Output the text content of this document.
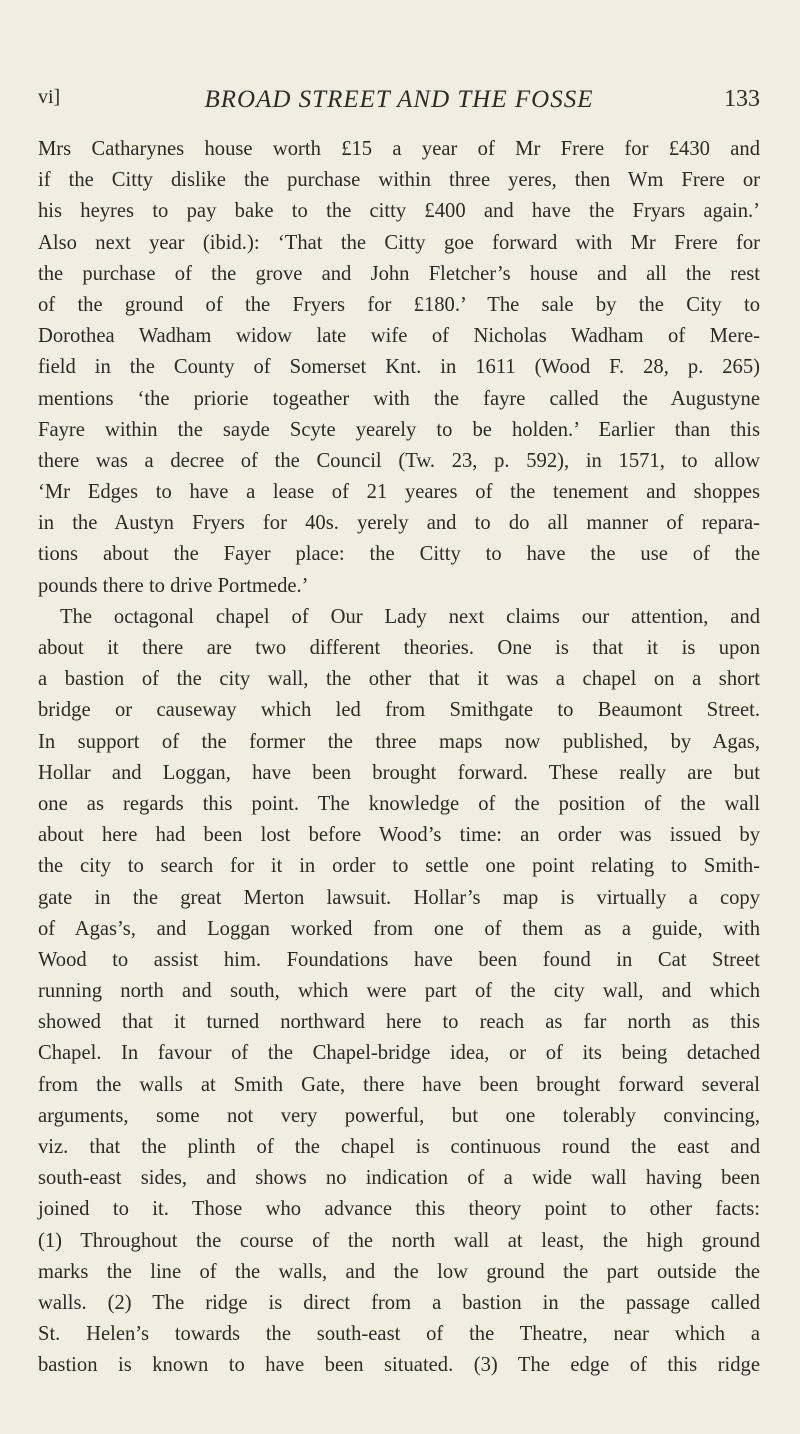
vi]	BROAD STREET AND THE FOSSE	133
Mrs Catharynes house worth £15 a year of Mr Frere for £430 and
if the Citty dislike the purchase within three yeres, then Wm Frere or
his heyres to pay bake to the citty £400 and have the Fryars again.’
Also next year (ibid.): ‘That the Citty goe forward with Mr Frere for
the purchase of the grove and John Fletcher’s house and all the rest
of the ground of the Fryers for £180.’ The sale by the City to
Dorothea Wadham widow late wife of Nicholas Wadham of Mere-
field in the County of Somerset Knt. in 1611 (Wood F. 28, p. 265)
mentions ‘the priorie togeather with the fayre called the Augustyne
Fayre within the sayde Scyte yearely to be holden.’ Earlier than this
there was a decree of the Council (Tw. 23, p. 592), in 1571, to allow
‘Mr Edges to have a lease of 21 yeares of the tenement and shoppes
in the Austyn Fryers for 40s. yerely and to do all manner of repara-
tions about the Fayer place: the Citty to have the use of the
pounds there to drive Portmede.’
The octagonal chapel of Our Lady next claims our attention, and
about it there are two different theories. One is that it is upon
a bastion of the city wall, the other that it was a chapel on a short
bridge or causeway which led from Smithgate to Beaumont Street.
In support of the former the three maps now published, by Agas,
Hollar and Loggan, have been brought forward. These really are but
one as regards this point. The knowledge of the position of the wall
about here had been lost before Wood’s time: an order was issued by
the city to search for it in order to settle one point relating to Smith-
gate in the great Merton lawsuit. Hollar’s map is virtually a copy
of Agas’s, and Loggan worked from one of them as a guide, with
Wood to assist him. Foundations have been found in Cat Street
running north and south, which were part of the city wall, and which
showed that it turned northward here to reach as far north as this
Chapel. In favour of the Chapel-bridge idea, or of its being detached
from the walls at Smith Gate, there have been brought forward several
arguments, some not very powerful, but one tolerably convincing,
viz. that the plinth of the chapel is continuous round the east and
south-east sides, and shows no indication of a wide wall having been
joined to it. Those who advance this theory point to other facts:
(1) Throughout the course of the north wall at least, the high ground
marks the line of the walls, and the low ground the part outside the
walls. (2) The ridge is direct from a bastion in the passage called
St. Helen’s towards the south-east of the Theatre, near which a
bastion is known to have been situated. (3) The edge of this ridge
